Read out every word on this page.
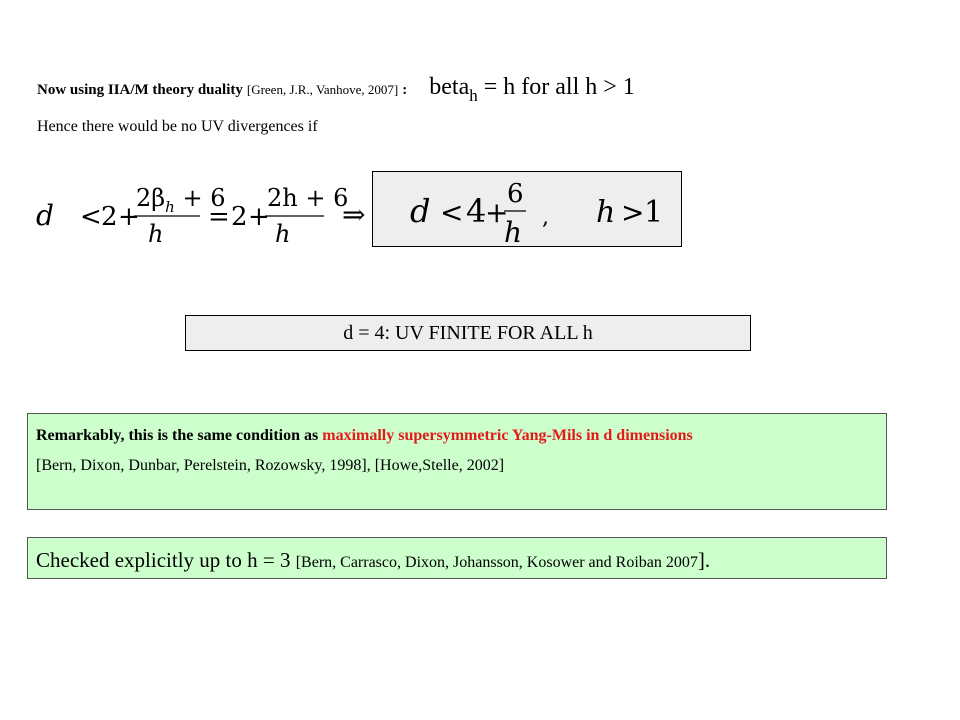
Now using IIA/M theory duality [Green, J.R., Vanhove, 2007] : beta$_h$ = h for all h > 1
Hence there would be no UV divergences if
d < 2 +
$2\beta_h + 6$
h
= 2 +
2h + 6
h
⇒ d < 4
+
6
h , h > 1
d = 4: UV FINITE FOR ALL h
Remarkably, this is the same condition as maximally supersymmetric Yang-Mils in d dimensions
[Bern, Dixon, Dunbar, Perelstein, Rozowsky, 1998], [Howe,Stelle, 2002]
Checked explicitly up to h = 3 [Bern, Carrasco, Dixon, Johansson, Kosower and Roiban 2007].
